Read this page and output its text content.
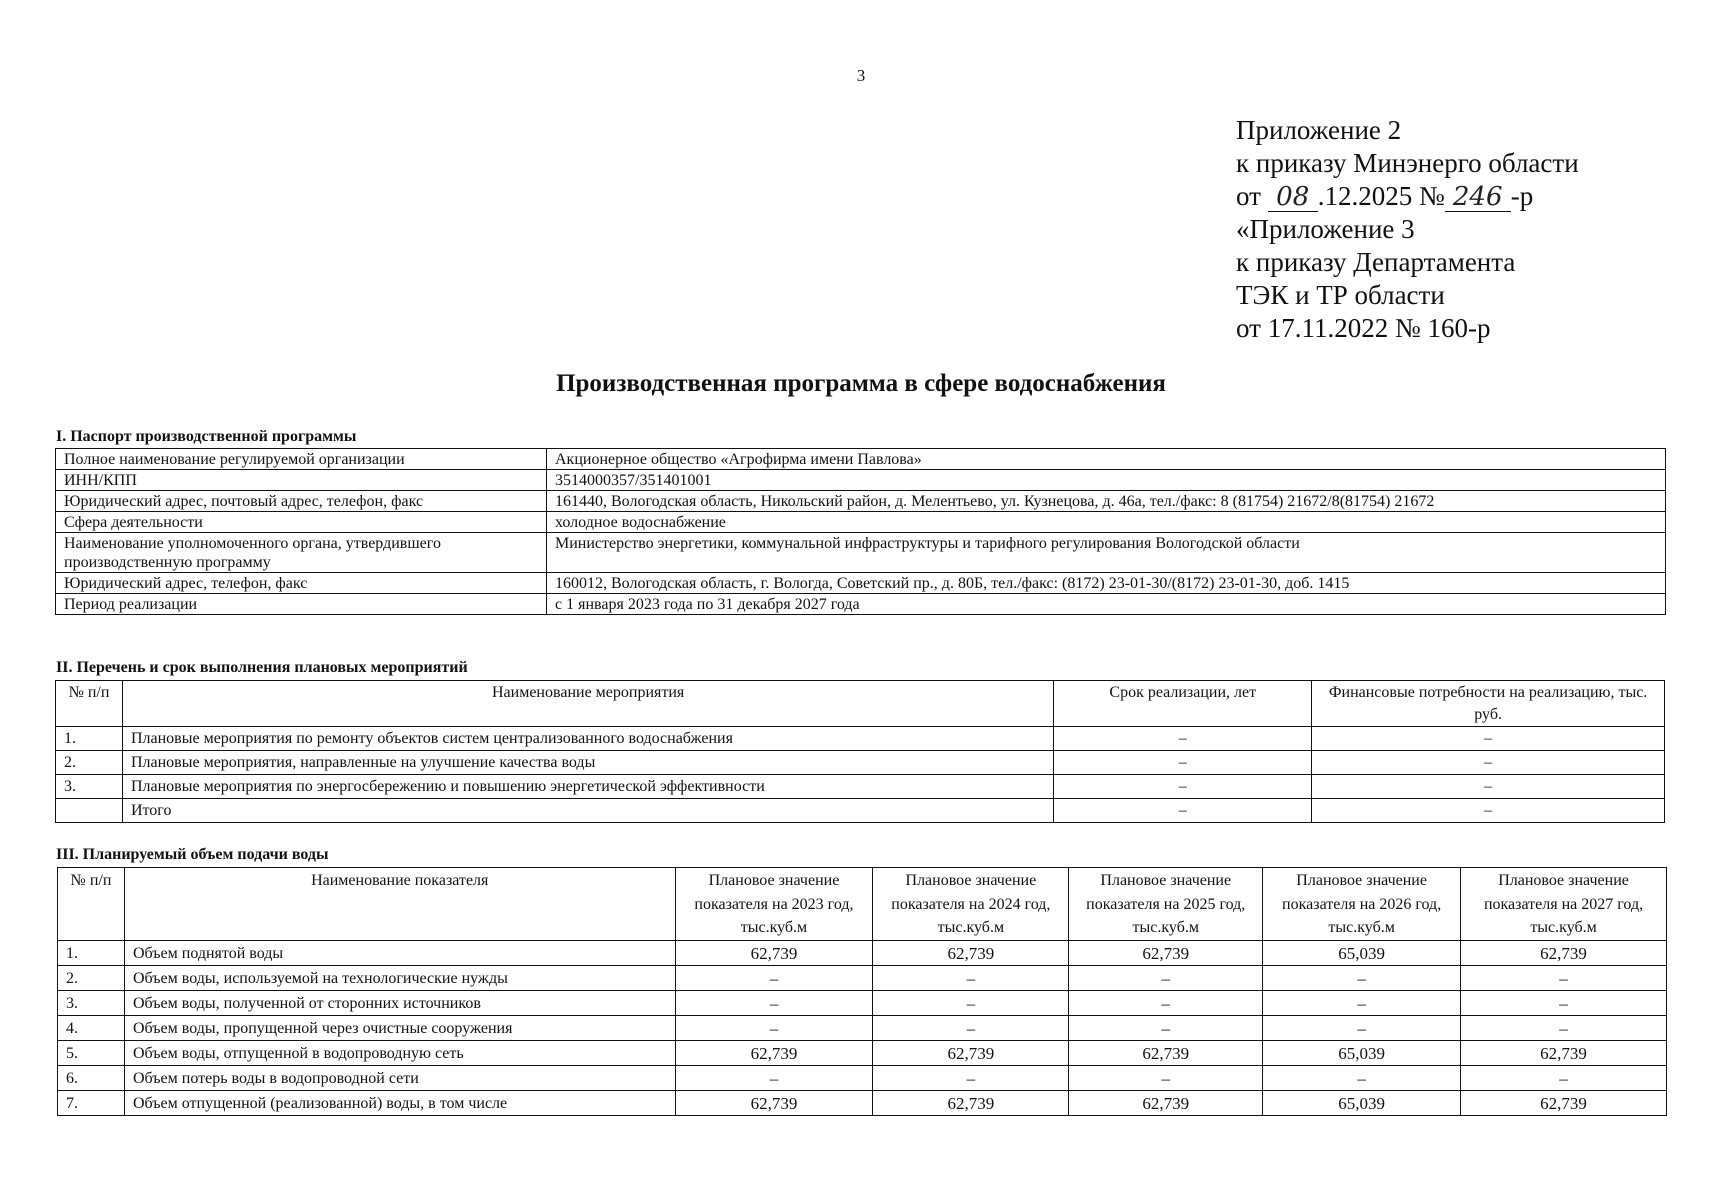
3
Приложение 2
к приказу Минэнерго области
от 08 .12.2025 № 246 -р
«Приложение 3
к приказу Департамента
ТЭК и ТР области
от 17.11.2022 № 160-р
Производственная программа в сфере водоснабжения
I. Паспорт производственной программы
Полное наименование регулируемой организации	Акционерное общество «Агрофирма имени Павлова»
ИНН/КПП	3514000357/351401001
Юридический адрес, почтовый адрес, телефон, факс	161440, Вологодская область, Никольский район, д. Мелентьево, ул. Кузнецова, д. 46а, тел./факс: 8 (81754) 21672/8(81754) 21672
Сфера деятельности	холодное водоснабжение
Наименование уполномоченного органа, утвердившего производственную программу	Министерство энергетики, коммунальной инфраструктуры и тарифного регулирования Вологодской области
Юридический адрес, телефон, факс	160012, Вологодская область, г. Вологда, Советский пр., д. 80Б, тел./факс: (8172) 23-01-30/(8172) 23-01-30, доб. 1415
Период реализации	с 1 января 2023 года по 31 декабря 2027 года
II. Перечень и срок выполнения плановых мероприятий
№ п/п	Наименование мероприятия	Срок реализации, лет	Финансовые потребности на реализацию, тыс. руб.
1.	Плановые мероприятия по ремонту объектов систем централизованного водоснабжения	–	–
2.	Плановые мероприятия, направленные на улучшение качества воды	–	–
3.	Плановые мероприятия по энергосбережению и повышению энергетической эффективности	–	–
	Итого	–	–
III. Планируемый объем подачи воды
№ п/п	Наименование показателя	Плановое значение показателя на 2023 год, тыс.куб.м	Плановое значение показателя на 2024 год, тыс.куб.м	Плановое значение показателя на 2025 год, тыс.куб.м	Плановое значение показателя на 2026 год, тыс.куб.м	Плановое значение показателя на 2027 год, тыс.куб.м
1.	Объем поднятой воды	62,739	62,739	62,739	65,039	62,739
2.	Объем воды, используемой на технологические нужды	–	–	–	–	–
3.	Объем воды, полученной от сторонних источников	–	–	–	–	–
4.	Объем воды, пропущенной через очистные сооружения	–	–	–	–	–
5.	Объем воды, отпущенной в водопроводную сеть	62,739	62,739	62,739	65,039	62,739
6.	Объем потерь воды в водопроводной сети	–	–	–	–	–
7.	Объем отпущенной (реализованной) воды, в том числе	62,739	62,739	62,739	65,039	62,739
